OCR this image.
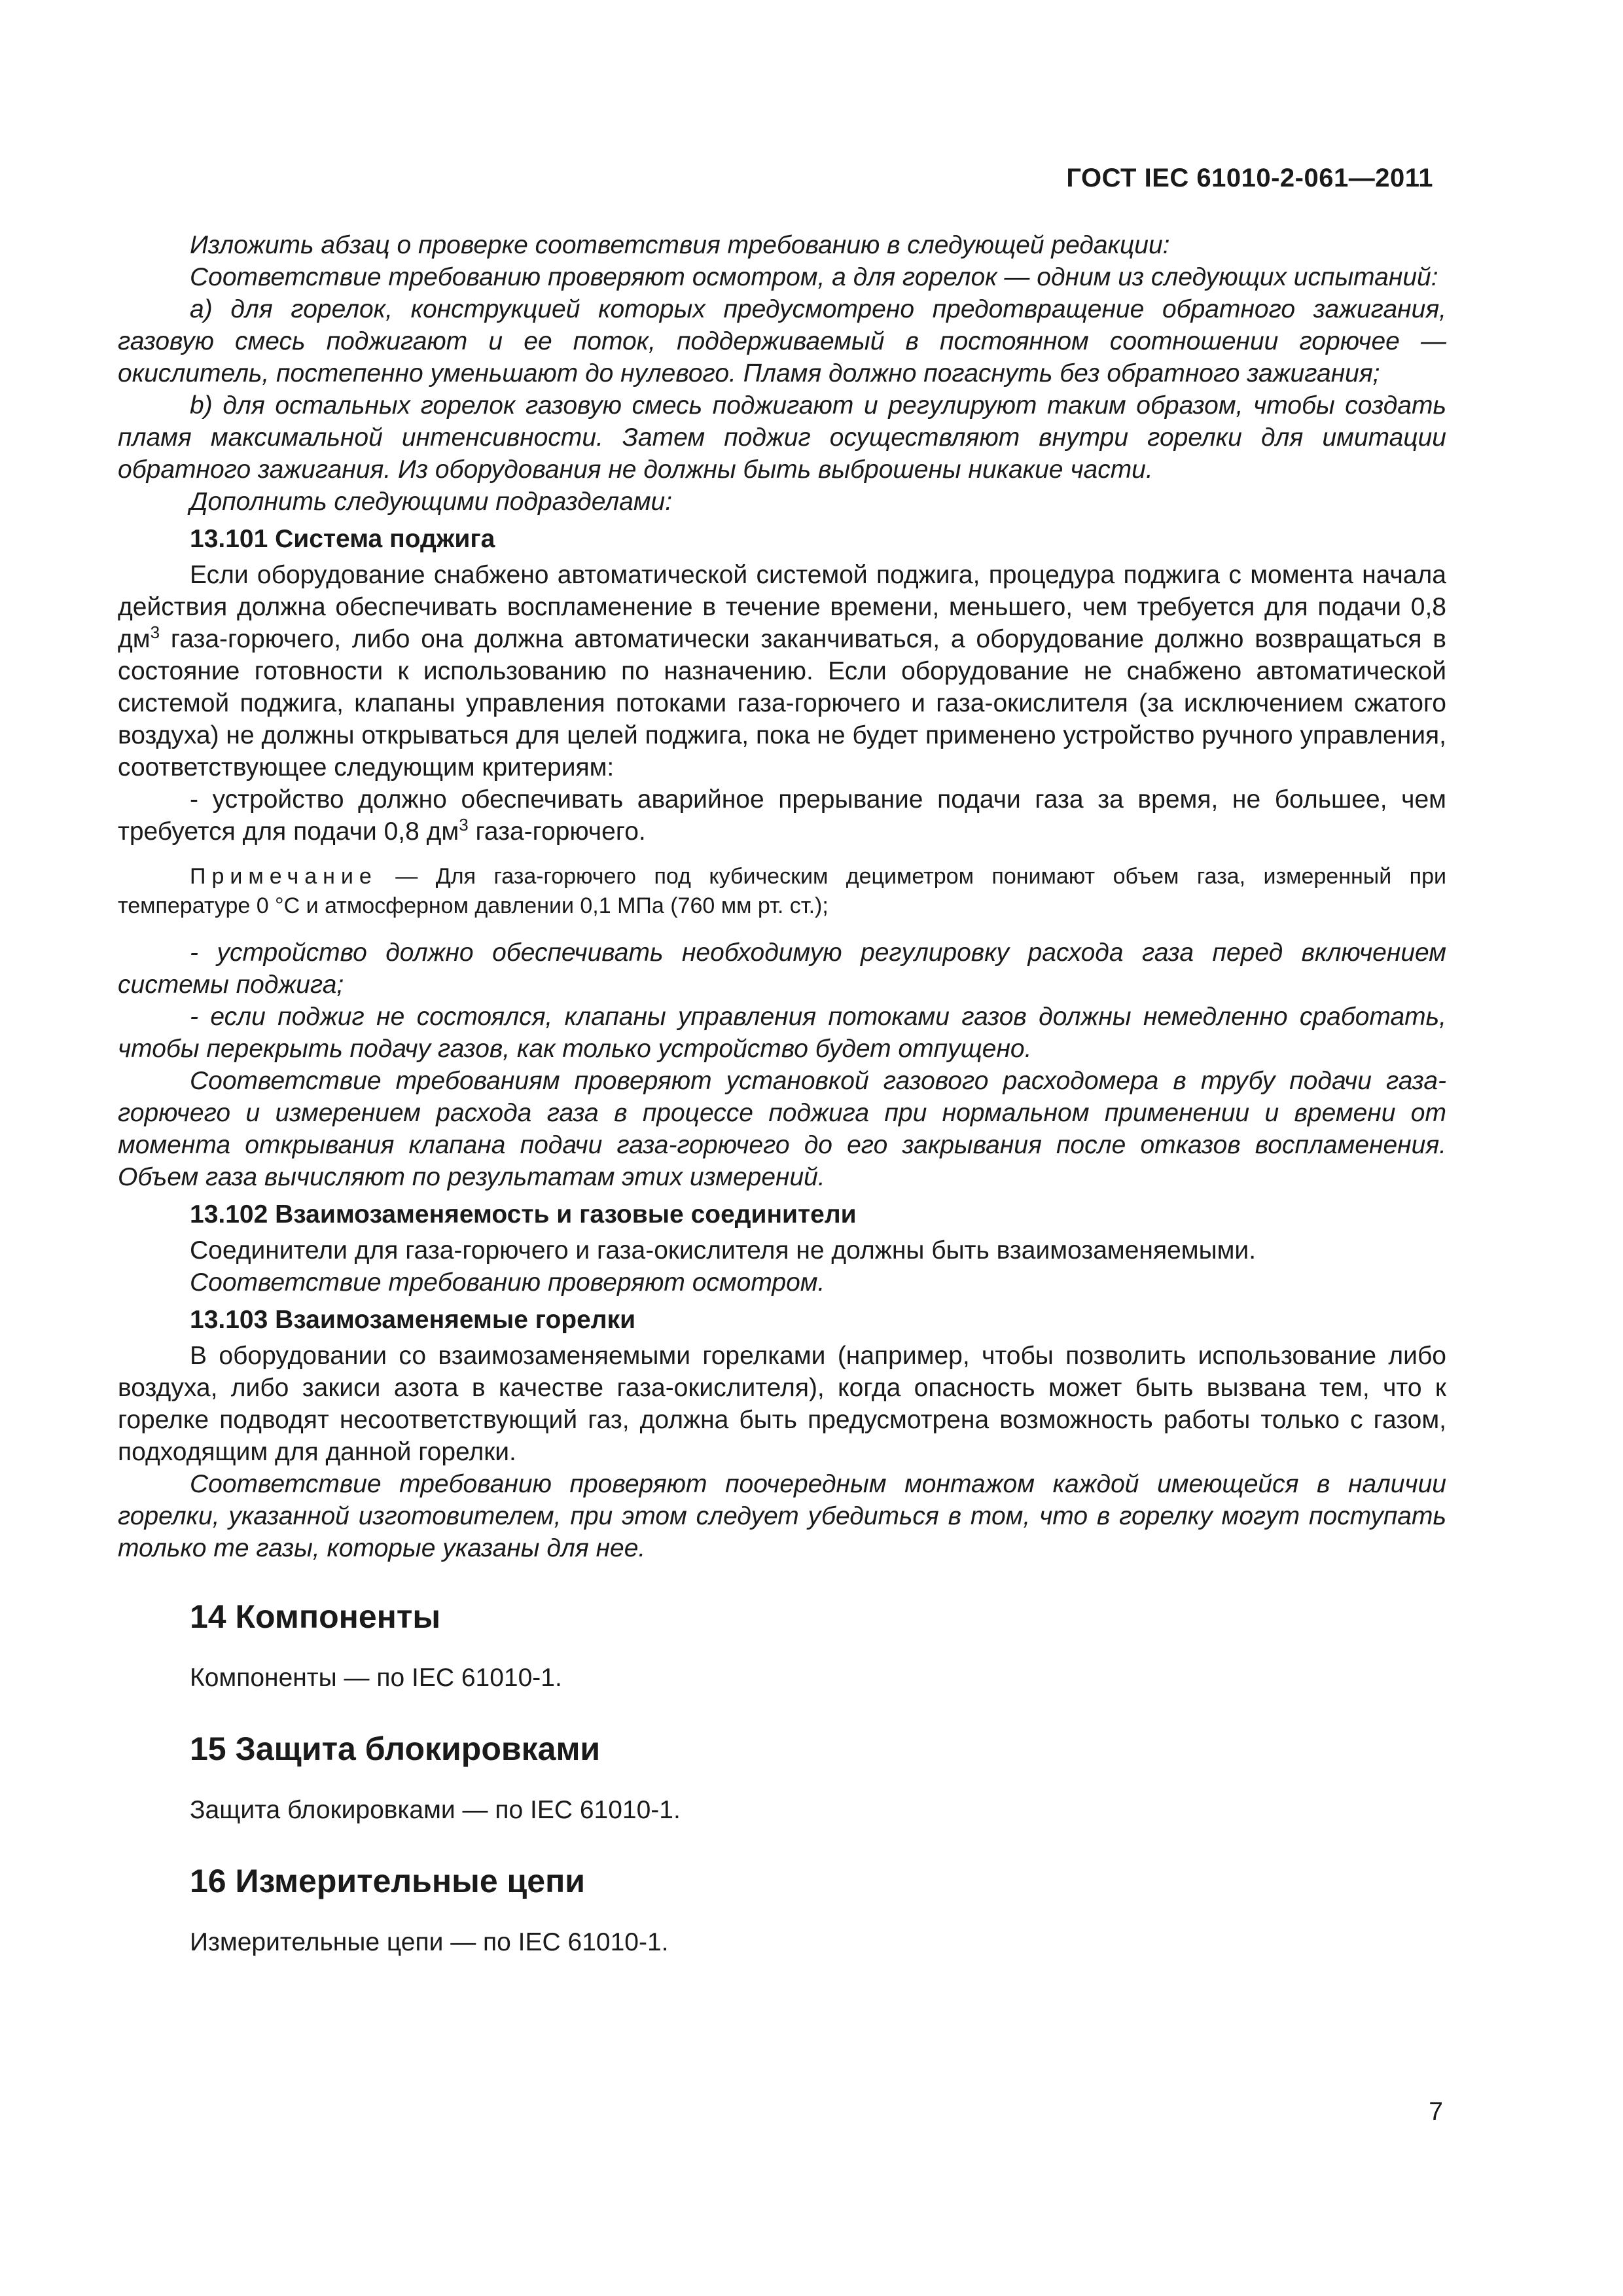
ГОСТ IEC 61010-2-061—2011

Изложить абзац о проверке соответствия требованию в следующей редакции:

Соответствие требованию проверяют осмотром, а для горелок — одним из следующих испытаний:

а) для горелок, конструкцией которых предусмотрено предотвращение обратного зажигания, газовую смесь поджигают и ее поток, поддерживаемый в постоянном соотношении горючее — окислитель, постепенно уменьшают до нулевого. Пламя должно погаснуть без обратного зажигания;

b) для остальных горелок газовую смесь поджигают и регулируют таким образом, чтобы создать пламя максимальной интенсивности. Затем поджиг осуществляют внутри горелки для имитации обратного зажигания. Из оборудования не должны быть выброшены никакие части.

Дополнить следующими подразделами:

13.101 Система поджига

Если оборудование снабжено автоматической системой поджига, процедура поджига с момента начала действия должна обеспечивать воспламенение в течение времени, меньшего, чем требуется для подачи 0,8 $дм^3$ газа-горючего, либо она должна автоматически заканчиваться, а оборудование должно возвращаться в состояние готовности к использованию по назначению. Если оборудование не снабжено автоматической системой поджига, клапаны управления потоками газа-горючего и газа-окислителя (за исключением сжатого воздуха) не должны открываться для целей поджига, пока не будет применено устройство ручного управления, соответствующее следующим критериям:

- устройство должно обеспечивать аварийное прерывание подачи газа за время, не большее, чем требуется для подачи 0,8 $дм^3$ газа-горючего.

Примечание — Для газа-горючего под кубическим дециметром понимают объем газа, измеренный при температуре 0 °С и атмосферном давлении 0,1 МПа (760 мм рт. ст.);

- устройство должно обеспечивать необходимую регулировку расхода газа перед включением системы поджига;

- если поджиг не состоялся, клапаны управления потоками газов должны немедленно сработать, чтобы перекрыть подачу газов, как только устройство будет отпущено.

Соответствие требованиям проверяют установкой газового расходомера в трубу подачи газа-горючего и измерением расхода газа в процессе поджига при нормальном применении и времени от момента открывания клапана подачи газа-горючего до его закрывания после отказов воспламенения. Объем газа вычисляют по результатам этих измерений.

13.102 Взаимозаменяемость и газовые соединители

Соединители для газа-горючего и газа-окислителя не должны быть взаимозаменяемыми.

Соответствие требованию проверяют осмотром.

13.103 Взаимозаменяемые горелки

В оборудовании со взаимозаменяемыми горелками (например, чтобы позволить использование либо воздуха, либо закиси азота в качестве газа-окислителя), когда опасность может быть вызвана тем, что к горелке подводят несоответствующий газ, должна быть предусмотрена возможность работы только с газом, подходящим для данной горелки.

Соответствие требованию проверяют поочередным монтажом каждой имеющейся в наличии горелки, указанной изготовителем, при этом следует убедиться в том, что в горелку могут поступать только те газы, которые указаны для нее.

14 Компоненты

Компоненты — по IEC 61010-1.

15 Защита блокировками

Защита блокировками — по IEC 61010-1.

16 Измерительные цепи

Измерительные цепи — по IEC 61010-1.

7
